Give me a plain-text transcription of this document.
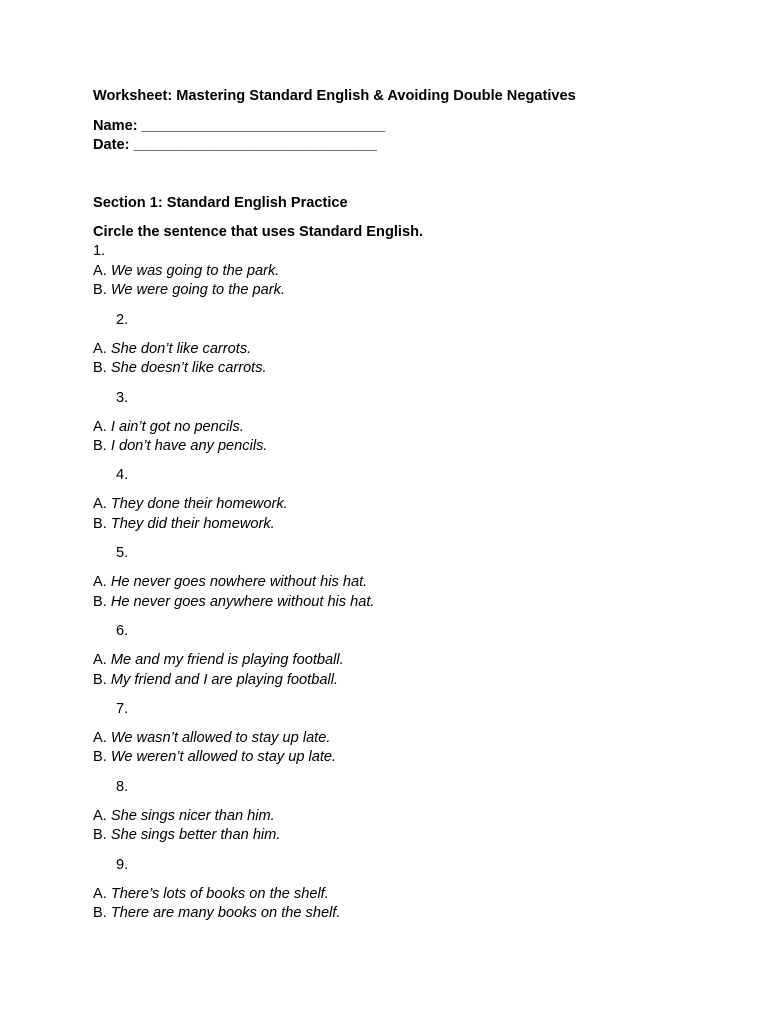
Worksheet: Mastering Standard English & Avoiding Double Negatives
Name: ______________________________
Date: ______________________________
Section 1: Standard English Practice
Circle the sentence that uses Standard English.
1.
A. We was going to the park.
B. We were going to the park.
2.
A. She don’t like carrots.
B. She doesn’t like carrots.
3.
A. I ain’t got no pencils.
B. I don’t have any pencils.
4.
A. They done their homework.
B. They did their homework.
5.
A. He never goes nowhere without his hat.
B. He never goes anywhere without his hat.
6.
A. Me and my friend is playing football.
B. My friend and I are playing football.
7.
A. We wasn’t allowed to stay up late.
B. We weren’t allowed to stay up late.
8.
A. She sings nicer than him.
B. She sings better than him.
9.
A. There’s lots of books on the shelf.
B. There are many books on the shelf.
